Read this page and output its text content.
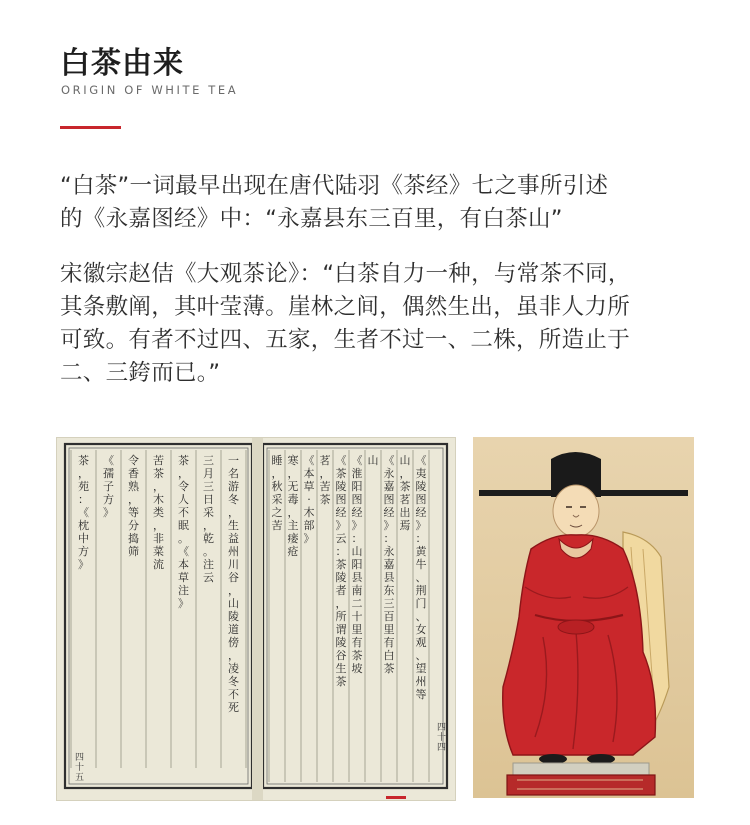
白茶由来
ORIGIN OF WHITE TEA
“白茶”一词最早出现在唐代陆羽《茶经》七之事所引述
的《永嘉图经》中：“永嘉县东三百里，有白茶山”
宋徽宗赵佶《大观茶论》：“白茶自力一种，与常茶不同，
其条敷阐，其叶莹薄。崖林之间，偶然生出，虽非人力所
可致。有者不过四、五家，生者不过一、二株，所造止于
二、三銙而已。”
一
名
游
冬
，
生
益
州
川
谷
，
山
陵
道
傍
，
凌
冬
不
死
三
月
三
日
采
，
乾
。
注
云
茶
，
令
人
不
眠
。
《
本
草
注
》
苦
茶
，
木
类
，
非
菜
流
令
香
熟
，
等
分
捣
筛
《
孺
子
方
》
茶
，
苑
：
《
枕
中
方
》
《
夷
陵
图
经
》
：
黄
牛
、
荆
门
、
女
观
、
望
州
等
山
，
茶
茗
出
焉
《
永
嘉
图
经
》
：
永
嘉
县
东
三
百
里
有
白
茶
山
《
淮
阳
图
经
》
：
山
阳
县
南
二
十
里
有
茶
坡
《
茶
陵
图
经
》
云
：
茶
陵
者
，
所
谓
陵
谷
生
茶
茗
，
苦
茶
《
本
草
·
木
部
》
寒
，
无
毒
，
主
瘘
疮
睡
，
秋
采
之
苦
四十五
四十四
